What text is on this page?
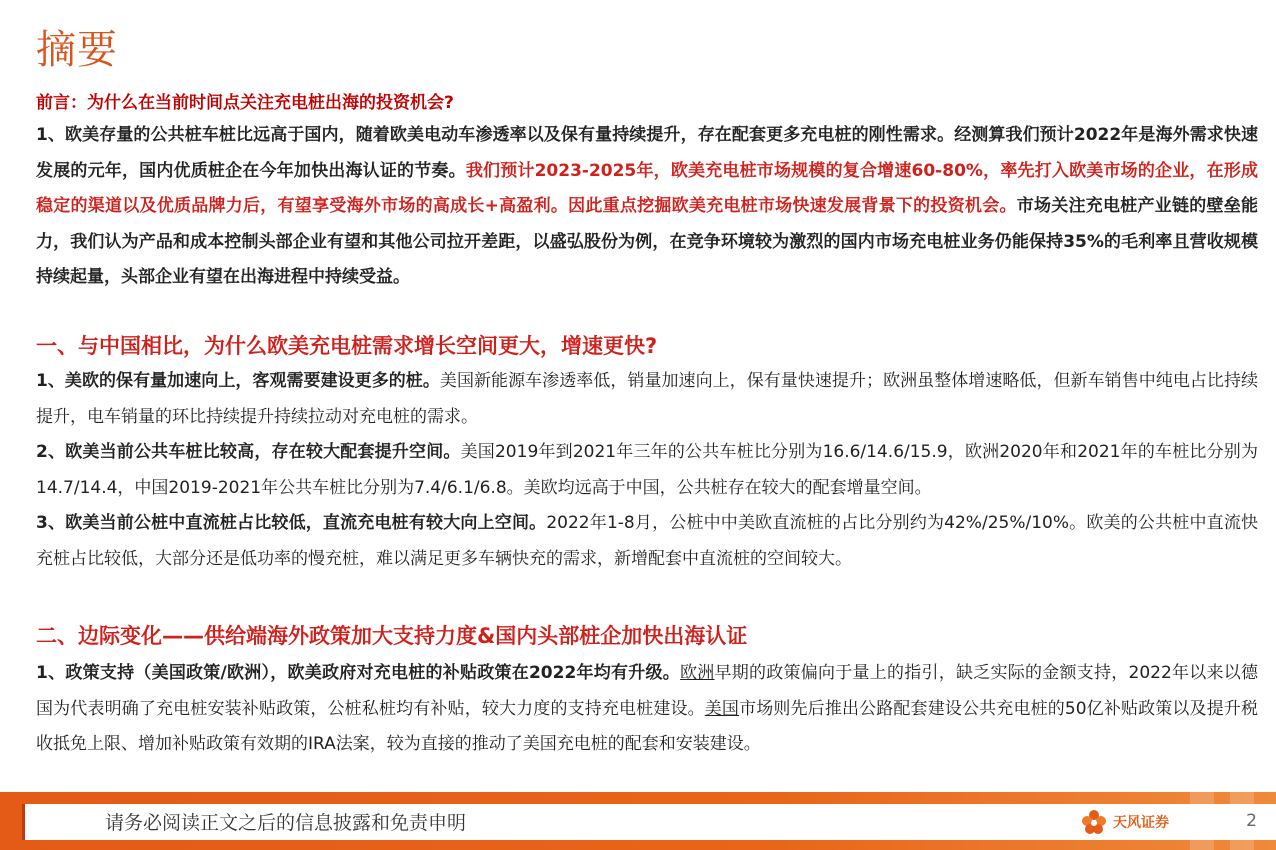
摘要
前言：为什么在当前时间点关注充电桩出海的投资机会?
1、欧美存量的公共桩车桩比远高于国内，随着欧美电动车渗透率以及保有量持续提升，存在配套更多充电桩的刚性需求。经测算我们预计2022年是海外需求快速发展的元年，国内优质桩企在今年加快出海认证的节奏。我们预计2023-2025年，欧美充电桩市场规模的复合增速60-80%，率先打入欧美市场的企业，在形成稳定的渠道以及优质品牌力后，有望享受海外市场的高成长+高盈利。因此重点挖掘欧美充电桩市场快速发展背景下的投资机会。市场关注充电桩产业链的壁垒能力，我们认为产品和成本控制头部企业有望和其他公司拉开差距，以盛弘股份为例，在竞争环境较为激烈的国内市场充电桩业务仍能保持35%的毛利率且营收规模持续起量，头部企业有望在出海进程中持续受益。
一、与中国相比，为什么欧美充电桩需求增长空间更大，增速更快?
1、美欧的保有量加速向上，客观需要建设更多的桩。美国新能源车渗透率低，销量加速向上，保有量快速提升；欧洲虽整体增速略低，但新车销售中纯电占比持续提升，电车销量的环比持续提升持续拉动对充电桩的需求。
2、欧美当前公共车桩比较高，存在较大配套提升空间。美国2019年到2021年三年的公共车桩比分别为16.6/14.6/15.9，欧洲2020年和2021年的车桩比分别为14.7/14.4，中国2019-2021年公共车桩比分别为7.4/6.1/6.8。美欧均远高于中国，公共桩存在较大的配套增量空间。
3、欧美当前公桩中直流桩占比较低，直流充电桩有较大向上空间。2022年1-8月，公桩中中美欧直流桩的占比分别约为42%/25%/10%。欧美的公共桩中直流快充桩占比较低，大部分还是低功率的慢充桩，难以满足更多车辆快充的需求，新增配套中直流桩的空间较大。
二、边际变化——供给端海外政策加大支持力度&国内头部桩企加快出海认证
1、政策支持（美国政策/欧洲），欧美政府对充电桩的补贴政策在2022年均有升级。欧洲早期的政策偏向于量上的指引，缺乏实际的金额支持，2022年以来以德国为代表明确了充电桩安装补贴政策，公桩私桩均有补贴，较大力度的支持充电桩建设。美国市场则先后推出公路配套建设公共充电桩的50亿补贴政策以及提升税收抵免上限、增加补贴政策有效期的IRA法案，较为直接的推动了美国充电桩的配套和安装建设。
请务必阅读正文之后的信息披露和免责申明	天风证券	2
